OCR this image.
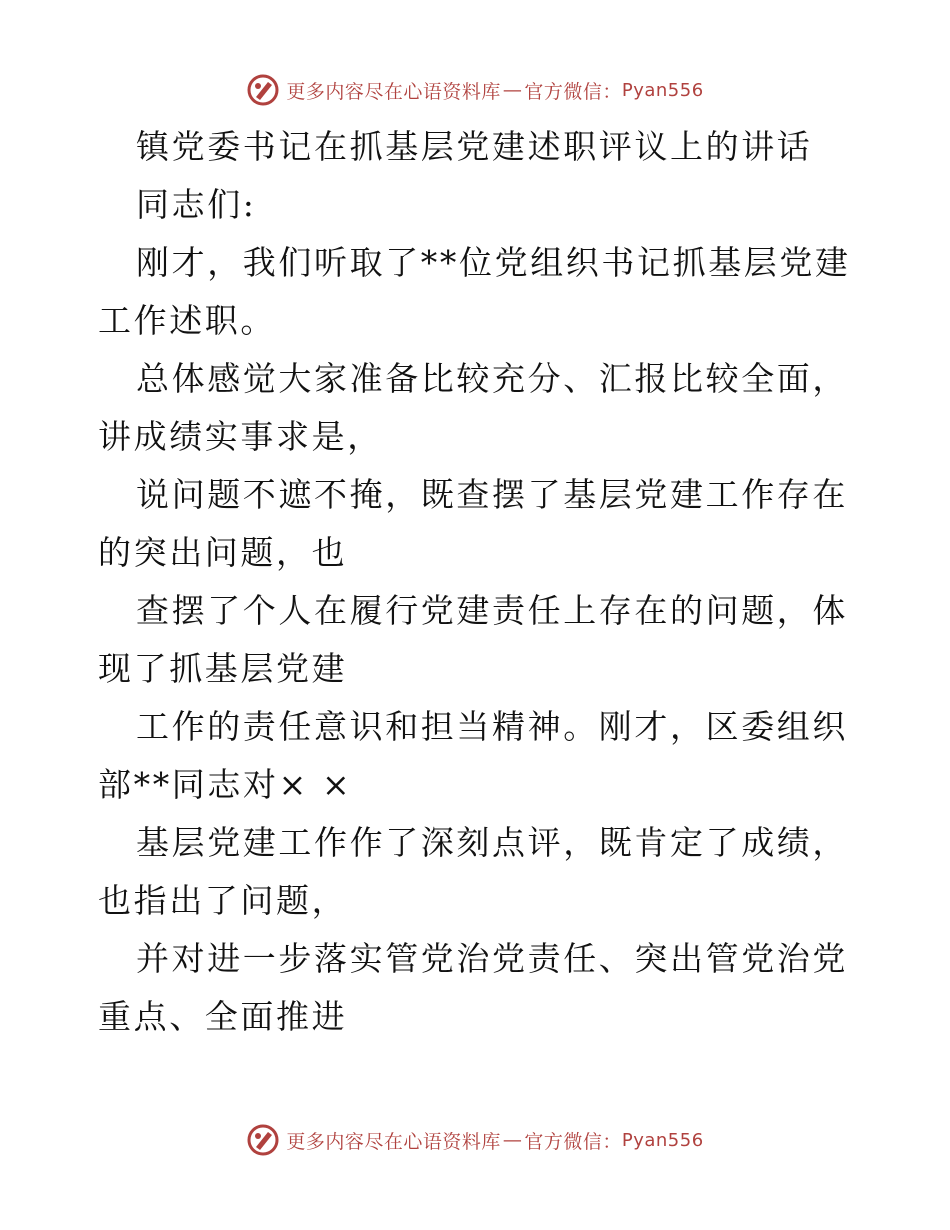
更多内容尽在心语资料库 — 官方微信： Pyan556

镇党委书记在抓基层党建述职评议上的讲话

同志们:

刚才，我们听取了**位党组织书记抓基层党建工作述职。

总体感觉大家准备比较充分、汇报比较全面，讲成绩实事求是，

说问题不遮不掩，既查摆了基层党建工作存在的突出问题，也

查摆了个人在履行党建责任上存在的问题，体现了抓基层党建

工作的责任意识和担当精神。刚才，区委组织部**同志对× ×

基层党建工作作了深刻点评，既肯定了成绩，也指出了问题，

并对进一步落实管党治党责任、突出管党治党重点、全面推进

更多内容尽在心语资料库 — 官方微信： Pyan556
